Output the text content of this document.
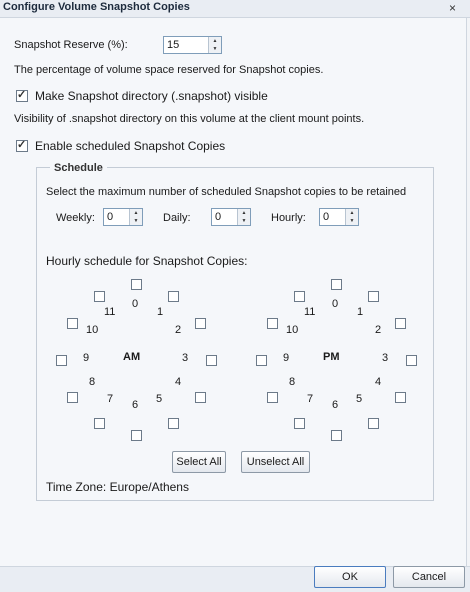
Configure Volume Snapshot Copies	×
Snapshot Reserve (%):	15	▲
▼
The percentage of volume space reserved for Snapshot copies.
✓
Make Snapshot directory (.snapshot) visible
Visibility of .snapshot directory on this volume at the client mount points.
✓
Enable scheduled Snapshot Copies
Schedule
Select the maximum number of scheduled Snapshot copies to be retained
Weekly: 0	▲
▼	Daily: 0	▲
▼	Hourly: 0	▲
▼
Hourly schedule for Snapshot Copies:
AM
0
1
2
3
4
5
6
7
8
9
10
11
PM
0
1
2
3
4
5
6
7
8
9
10
11
Select All	Unselect All
Time Zone: Europe/Athens
OK	Cancel
